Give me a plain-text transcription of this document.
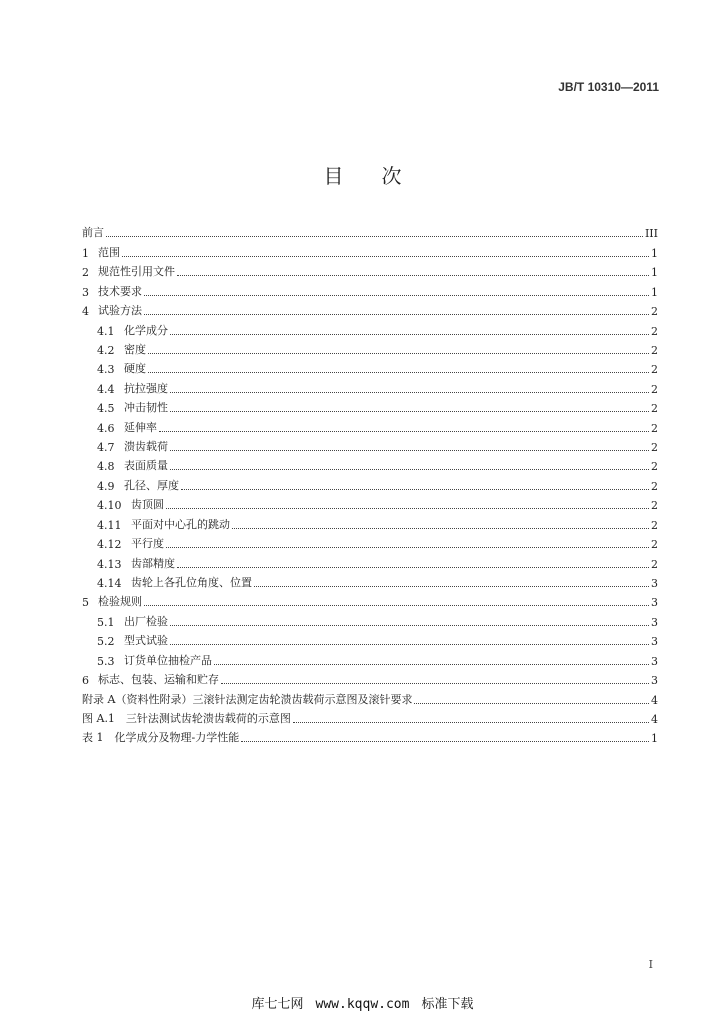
JB/T 10310—2011
目次
前言	III
1 范围	1
2 规范性引用文件	1
3 技术要求	1
4 试验方法	2
4.1 化学成分	2
4.2 密度	2
4.3 硬度	2
4.4 抗拉强度	2
4.5 冲击韧性	2
4.6 延伸率	2
4.7 溃齿载荷	2
4.8 表面质量	2
4.9 孔径、厚度	2
4.10 齿顶圆	2
4.11 平面对中心孔的跳动	2
4.12 平行度	2
4.13 齿部精度	2
4.14 齿轮上各孔位角度、位置	3
5 检验规则	3
5.1 出厂检验	3
5.2 型式试验	3
5.3 订货单位抽检产品	3
6 标志、包装、运输和贮存	3
附录 A（资料性附录）三滚针法测定齿轮溃齿载荷示意图及滚针要求	4
图 A.1　三针法测试齿轮溃齿载荷的示意图	4
表 1　化学成分及物理-力学性能	1
I
库七七网 www.kqqw.com 标准下载
